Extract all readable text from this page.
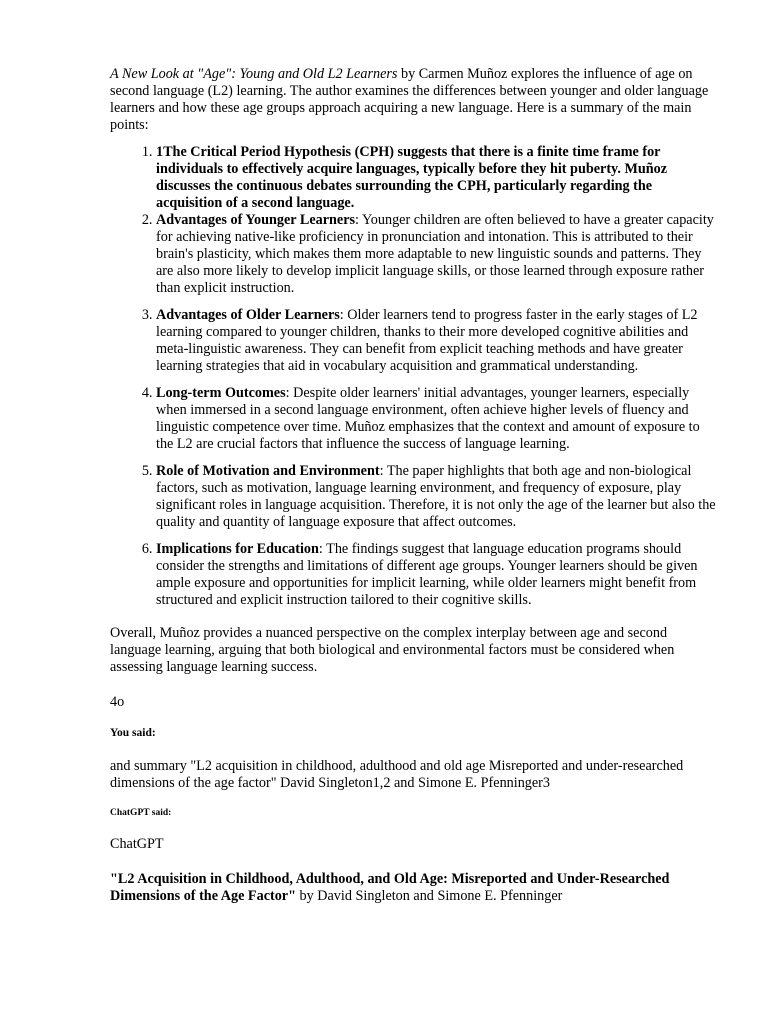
A New Look at "Age": Young and Old L2 Learners by Carmen Muñoz explores the influence of age on second language (L2) learning. The author examines the differences between younger and older language learners and how these age groups approach acquiring a new language. Here is a summary of the main points:

1. 1The Critical Period Hypothesis (CPH) suggests that there is a finite time frame for individuals to effectively acquire languages, typically before they hit puberty. Muñoz discusses the continuous debates surrounding the CPH, particularly regarding the acquisition of a second language.
2. Advantages of Younger Learners: Younger children are often believed to have a greater capacity for achieving native-like proficiency in pronunciation and intonation. This is attributed to their brain's plasticity, which makes them more adaptable to new linguistic sounds and patterns. They are also more likely to develop implicit language skills, or those learned through exposure rather than explicit instruction.
3. Advantages of Older Learners: Older learners tend to progress faster in the early stages of L2 learning compared to younger children, thanks to their more developed cognitive abilities and meta-linguistic awareness. They can benefit from explicit teaching methods and have greater learning strategies that aid in vocabulary acquisition and grammatical understanding.
4. Long-term Outcomes: Despite older learners' initial advantages, younger learners, especially when immersed in a second language environment, often achieve higher levels of fluency and linguistic competence over time. Muñoz emphasizes that the context and amount of exposure to the L2 are crucial factors that influence the success of language learning.
5. Role of Motivation and Environment: The paper highlights that both age and non-biological factors, such as motivation, language learning environment, and frequency of exposure, play significant roles in language acquisition. Therefore, it is not only the age of the learner but also the quality and quantity of language exposure that affect outcomes.
6. Implications for Education: The findings suggest that language education programs should consider the strengths and limitations of different age groups. Younger learners should be given ample exposure and opportunities for implicit learning, while older learners might benefit from structured and explicit instruction tailored to their cognitive skills.

Overall, Muñoz provides a nuanced perspective on the complex interplay between age and second language learning, arguing that both biological and environmental factors must be considered when assessing language learning success.

4o

You said:

and summary "L2 acquisition in childhood, adulthood and old age Misreported and under-researched dimensions of the age factor" David Singleton1,2 and Simone E. Pfenninger3

ChatGPT said:

ChatGPT

"L2 Acquisition in Childhood, Adulthood, and Old Age: Misreported and Under-Researched Dimensions of the Age Factor" by David Singleton and Simone E. Pfenninger
